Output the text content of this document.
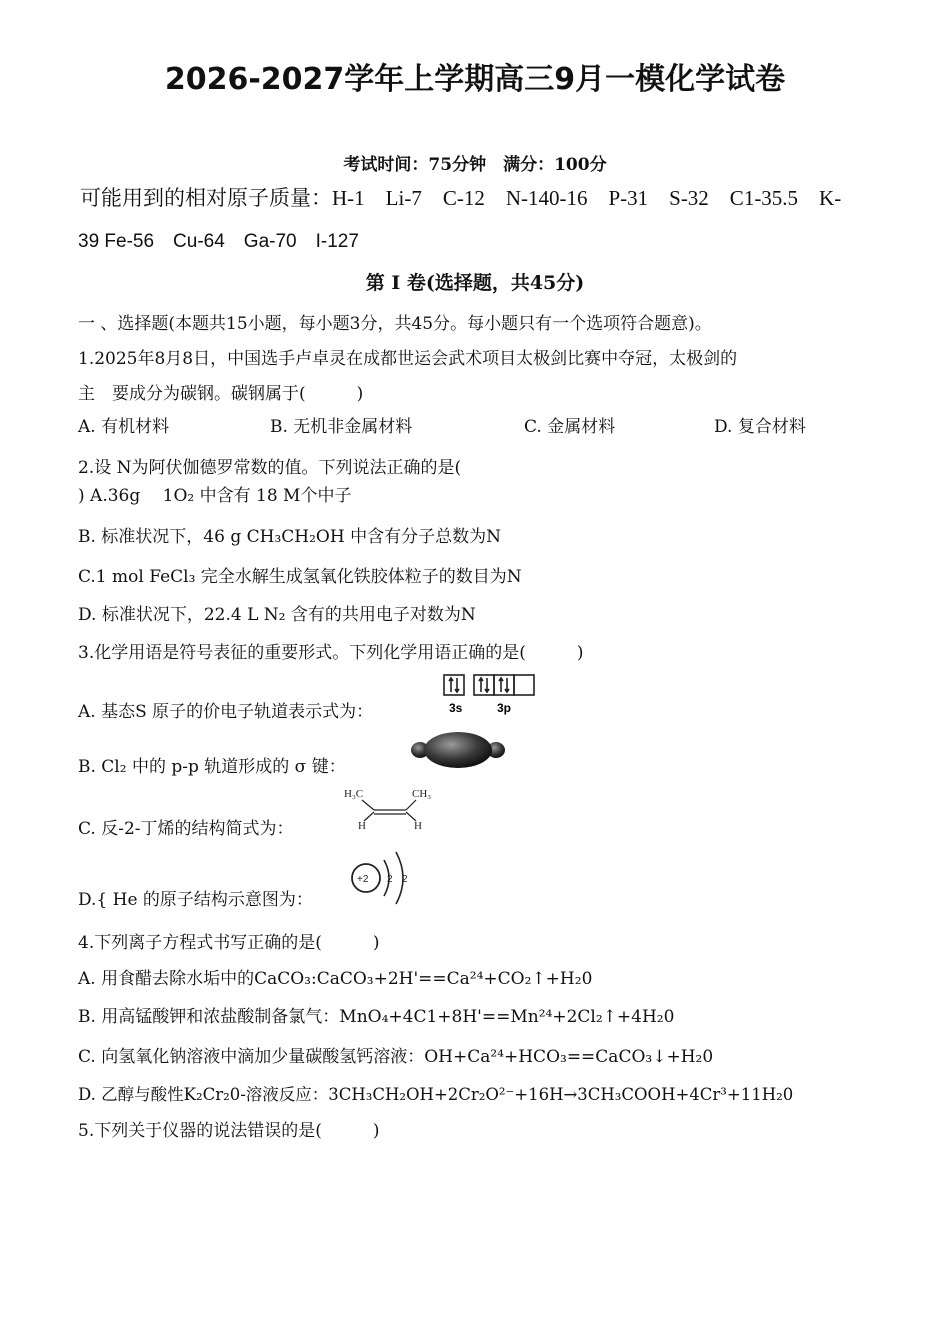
2026-2027学年上学期高三9月一模化学试卷
考试时间：75分钟　满分：100分
可能用到的相对原子质量：H-1　Li-7　C-12　N-140-16　P-31　S-32　C1-35.5　K-
39 Fe-56　Cu-64　Ga-70　I-127
第 I 卷(选择题，共45分)
一 、选择题(本题共15小题，每小题3分，共45分。每小题只有一个选项符合题意)。
1.2025年8月8日，中国选手卢卓灵在成都世运会武术项目太极剑比赛中夺冠，太极剑的
主　要成分为碳钢。碳钢属于(　　　)
A. 有机材料	B. 无机非金属材料	C. 金属材料	D. 复合材料
2.设 N为阿伏伽德罗常数的值。下列说法正确的是(
) A.36g　 1O₂ 中含有 18 M个中子
B. 标准状况下，46 g CH₃CH₂OH 中含有分子总数为N
C.1 mol FeCl₃ 完全水解生成氢氧化铁胶体粒子的数目为N
D. 标准状况下，22.4 L N₂ 含有的共用电子对数为N
3.化学用语是符号表征的重要形式。下列化学用语正确的是(　　　)
A. 基态S 原子的价电子轨道表示式为：	3s	3p
B. Cl₂ 中的 p-p 轨道形成的 σ 键：
C. 反-2-丁烯的结构简式为：
H₃C	CH₃
H	H
D.{ He 的原子结构示意图为：
+2 2 2
4.下列离子方程式书写正确的是(　　　)
A. 用食醋去除水垢中的CaCO₃:CaCO₃+2H'==Ca²⁴+CO₂↑+H₂0
B. 用高锰酸钾和浓盐酸制备氯气：MnO₄+4C1+8H'==Mn²⁴+2Cl₂↑+4H₂0
C. 向氢氧化钠溶液中滴加少量碳酸氢钙溶液：OH+Ca²⁴+HCO₃==CaCO₃↓+H₂0
D. 乙醇与酸性K₂Cr₂0-溶液反应：3CH₃CH₂OH+2Cr₂O²⁻+16H→3CH₃COOH+4Cr³+11H₂0
5.下列关于仪器的说法错误的是(　　　)
